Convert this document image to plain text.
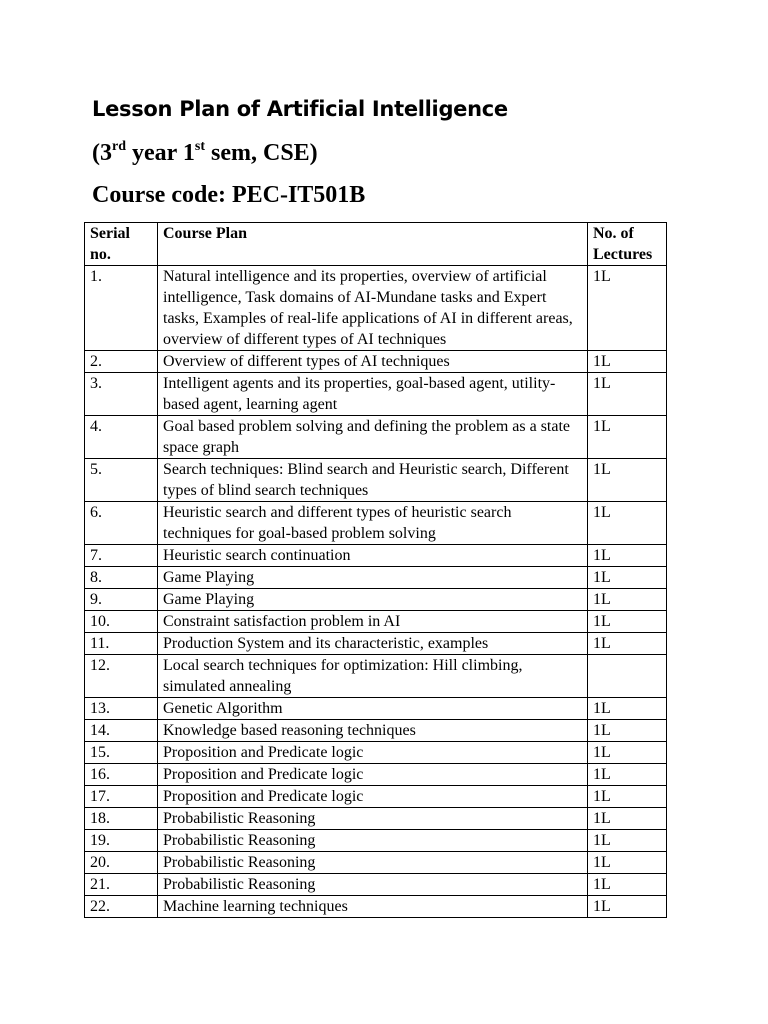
Lesson Plan of Artificial Intelligence
(3rd year 1st sem, CSE)
Course code: PEC-IT501B
Serial no.	Course Plan	No. of Lectures
1.	Natural intelligence and its properties, overview of artificial intelligence, Task domains of AI-Mundane tasks and Expert tasks, Examples of real-life applications of AI in different areas, overview of different types of AI techniques	1L
2.	Overview of different types of AI techniques	1L
3.	Intelligent agents and its properties, goal-based agent, utility-based agent, learning agent	1L
4.	Goal based problem solving and defining the problem as a state space graph	1L
5.	Search techniques: Blind search and Heuristic search, Different types of blind search techniques	1L
6.	Heuristic search and different types of heuristic search techniques for goal-based problem solving	1L
7.	Heuristic search continuation	1L
8.	Game Playing	1L
9.	Game Playing	1L
10.	Constraint satisfaction problem in AI	1L
11.	Production System and its characteristic, examples	1L
12.	Local search techniques for optimization: Hill climbing, simulated annealing	
13.	Genetic Algorithm	1L
14.	Knowledge based reasoning techniques	1L
15.	Proposition and Predicate logic	1L
16.	Proposition and Predicate logic	1L
17.	Proposition and Predicate logic	1L
18.	Probabilistic Reasoning	1L
19.	Probabilistic Reasoning	1L
20.	Probabilistic Reasoning	1L
21.	Probabilistic Reasoning	1L
22.	Machine learning techniques	1L
